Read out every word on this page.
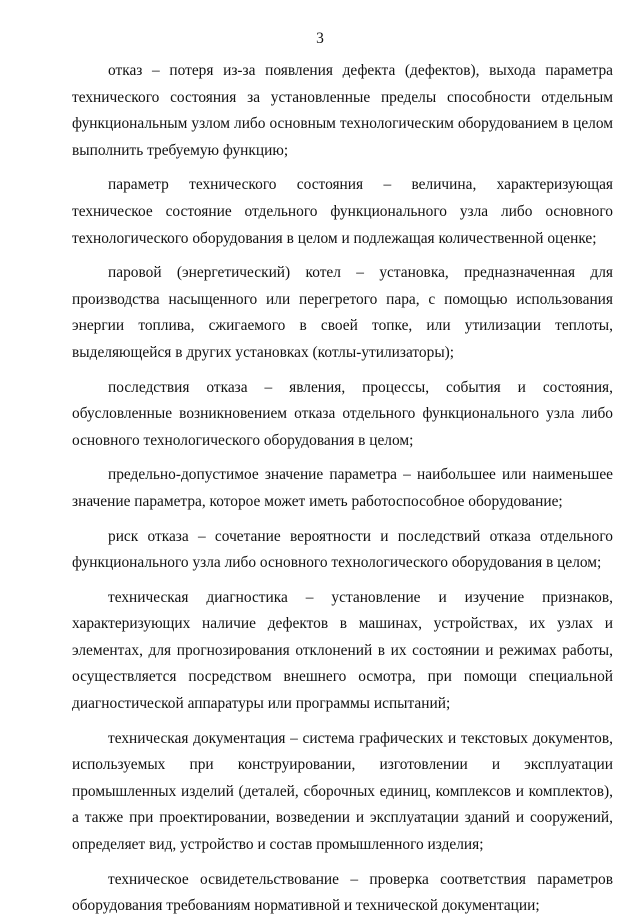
3

отказ – потеря из-за появления дефекта (дефектов), выхода параметра технического состояния за установленные пределы способности отдельным функциональным узлом либо основным технологическим оборудованием в целом выполнить требуемую функцию;

параметр технического состояния – величина, характеризующая техническое состояние отдельного функционального узла либо основного технологического оборудования в целом и подлежащая количественной оценке;

паровой (энергетический) котел – установка, предназначенная для производства насыщенного или перегретого пара, с помощью использования энергии топлива, сжигаемого в своей топке, или утилизации теплоты, выделяющейся в других установках (котлы-утилизаторы);

последствия отказа – явления, процессы, события и состояния, обусловленные возникновением отказа отдельного функционального узла либо основного технологического оборудования в целом;

предельно-допустимое значение параметра – наибольшее или наименьшее значение параметра, которое может иметь работоспособное оборудование;

риск отказа – сочетание вероятности и последствий отказа отдельного функционального узла либо основного технологического оборудования в целом;

техническая диагностика – установление и изучение признаков, характеризующих наличие дефектов в машинах, устройствах, их узлах и элементах, для прогнозирования отклонений в их состоянии и режимах работы, осуществляется посредством внешнего осмотра, при помощи специальной диагностической аппаратуры или программы испытаний;

техническая документация – система графических и текстовых документов, используемых при конструировании, изготовлении и эксплуатации промышленных изделий (деталей, сборочных единиц, комплексов и комплектов), а также при проектировании, возведении и эксплуатации зданий и сооружений, определяет вид, устройство и состав промышленного изделия;

техническое освидетельствование – проверка соответствия параметров оборудования требованиям нормативной и технической документации;
